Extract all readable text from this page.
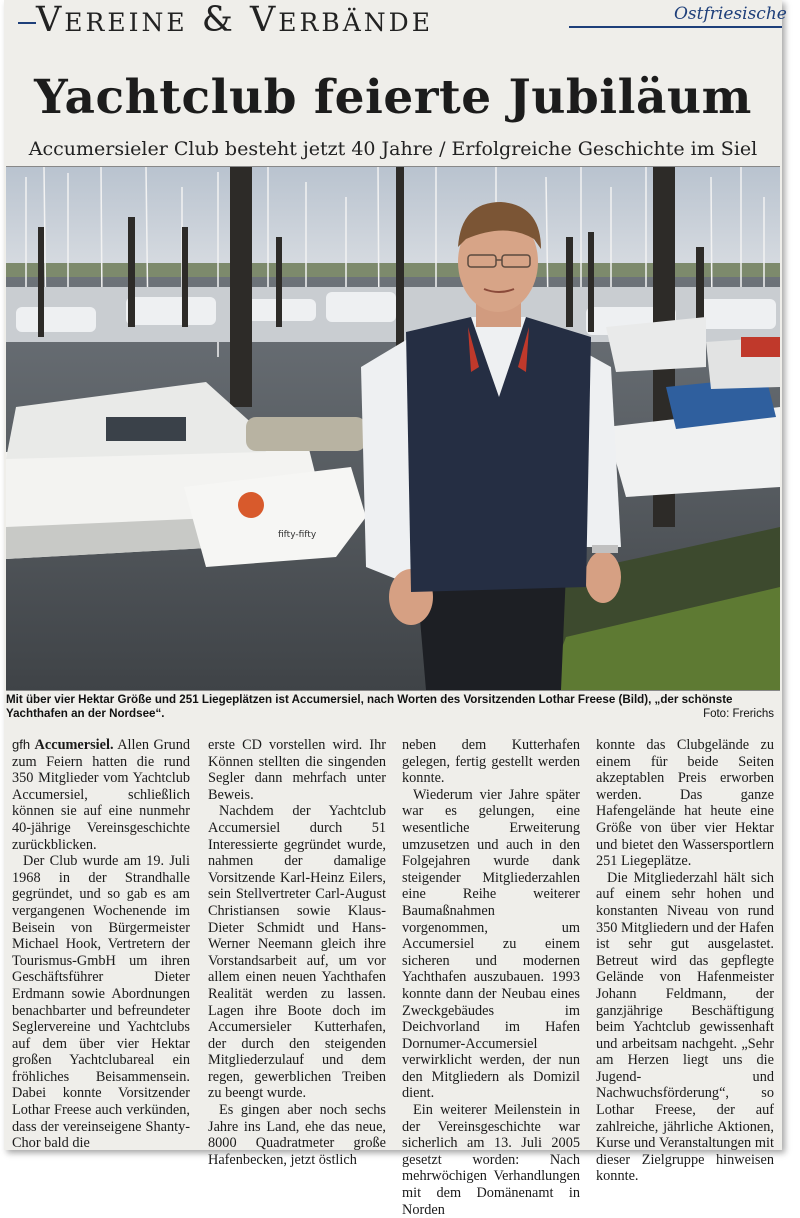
Vereine & Verbände	Ostfriesische
Yachtclub feierte Jubiläum
Accumersieler Club besteht jetzt 40 Jahre / Erfolgreiche Geschichte im Siel
fifty-fifty
Mit über vier Hektar Größe und 251 Liegeplätzen ist Accumersiel, nach Worten des Vorsitzenden Lothar Freese (Bild), „der schönste Yachthafen an der Nordsee“.	Foto: Frerichs

gfh Accumersiel. Allen Grund zum Feiern hatten die rund 350 Mitglieder vom Yachtclub Accumersiel, schließlich können sie auf eine nunmehr 40-jährige Vereinsgeschichte zurückblicken.

Der Club wurde am 19. Juli 1968 in der Strandhalle gegründet, und so gab es am vergangenen Wochenende im Beisein von Bürgermeister Michael Hook, Vertretern der Tourismus-GmbH um ihren Geschäftsführer Dieter Erdmann sowie Abordnungen benachbarter und befreundeter Seglervereine und Yachtclubs auf dem über vier Hektar großen Yachtclubareal ein fröhliches Beisammensein. Dabei konnte Vorsitzender Lothar Freese auch verkünden, dass der vereinseigene Shanty-Chor bald die

erste CD vorstellen wird. Ihr Können stellten die singenden Segler dann mehrfach unter Beweis.

Nachdem der Yachtclub Accumersiel durch 51 Interessierte gegründet wurde, nahmen der damalige Vorsitzende Karl-Heinz Eilers, sein Stellvertreter Carl-August Christiansen sowie Klaus-Dieter Schmidt und Hans-Werner Neemann gleich ihre Vorstandsarbeit auf, um vor allem einen neuen Yachthafen Realität werden zu lassen. Lagen ihre Boote doch im Accumersieler Kutterhafen, der durch den steigenden Mitgliederzulauf und dem regen, gewerblichen Treiben zu beengt wurde.

Es gingen aber noch sechs Jahre ins Land, ehe das neue, 8000 Quadratmeter große Hafenbecken, jetzt östlich

neben dem Kutterhafen gelegen, fertig gestellt werden konnte.

Wiederum vier Jahre später war es gelungen, eine wesentliche Erweiterung umzusetzen und auch in den Folgejahren wurde dank steigender Mitgliederzahlen eine Reihe weiterer Baumaßnahmen vorgenommen, um Accumersiel zu einem sicheren und modernen Yachthafen auszubauen. 1993 konnte dann der Neubau eines Zweckgebäudes im Deichvorland im Hafen Dornumer-Accumersiel verwirklicht werden, der nun den Mitgliedern als Domizil dient.

Ein weiterer Meilenstein in der Vereinsgeschichte war sicherlich am 13. Juli 2005 gesetzt worden: Nach mehrwöchigen Verhandlungen mit dem Domänenamt in Norden

konnte das Clubgelände zu einem für beide Seiten akzeptablen Preis erworben werden. Das ganze Hafengelände hat heute eine Größe von über vier Hektar und bietet den Wassersportlern 251 Liegeplätze.

Die Mitgliederzahl hält sich auf einem sehr hohen und konstanten Niveau von rund 350 Mitgliedern und der Hafen ist sehr gut ausgelastet. Betreut wird das gepflegte Gelände von Hafenmeister Johann Feldmann, der ganzjährige Beschäftigung beim Yachtclub gewissenhaft und arbeitsam nachgeht. „Sehr am Herzen liegt uns die Jugend- und Nachwuchsförderung“, so Lothar Freese, der auf zahlreiche, jährliche Aktionen, Kurse und Veranstaltungen mit dieser Zielgruppe hinweisen konnte.
